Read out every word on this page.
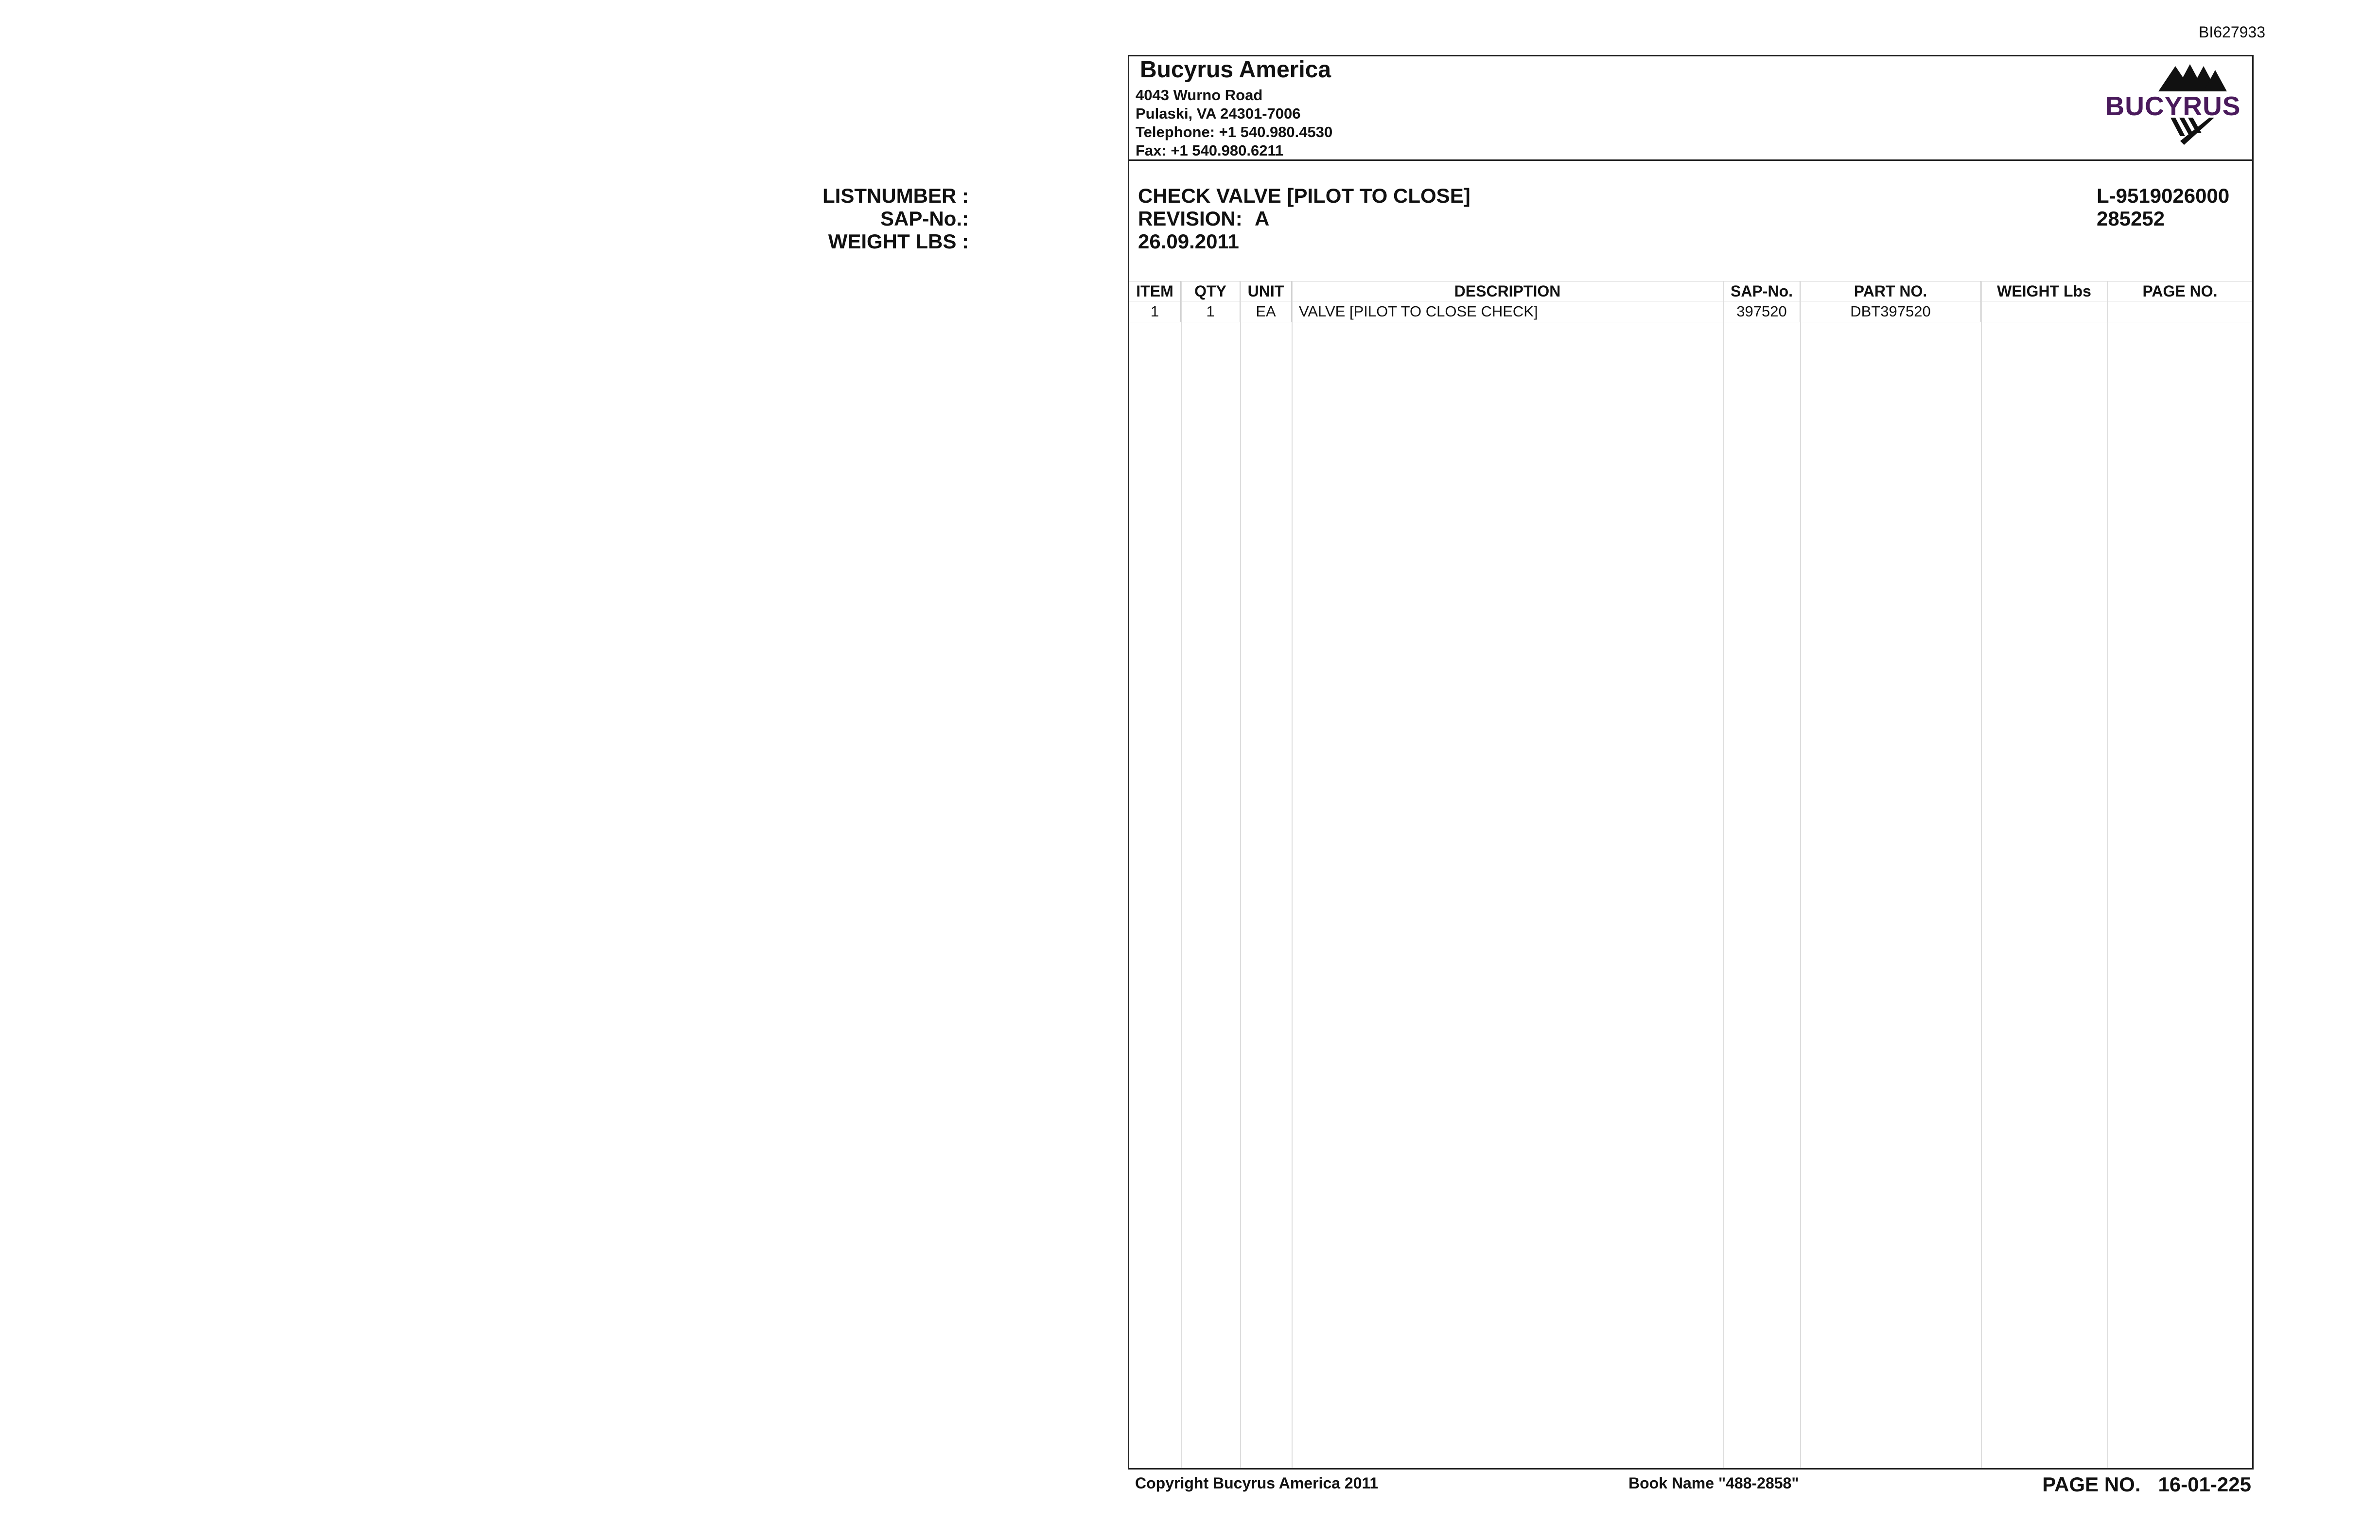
BI627933
Bucyrus America
4043 Wurno Road
Pulaski, VA 24301-7006
Telephone: +1 540.980.4530
Fax: +1 540.980.6211
BUCYRUS
CHECK VALVE [PILOT TO CLOSE]
REVISION: A
26.09.2011
LISTNUMBER :	L-9519026000
SAP-No.:	285252
WEIGHT LBS :
ITEM	QTY	UNIT	DESCRIPTION	SAP-No.	PART NO.	WEIGHT Lbs	PAGE NO.
1	1	EA	VALVE [PILOT TO CLOSE CHECK]	397520	DBT397520		
Copyright Bucyrus America 2011	Book Name "488-2858"	PAGE NO. 16-01-225
